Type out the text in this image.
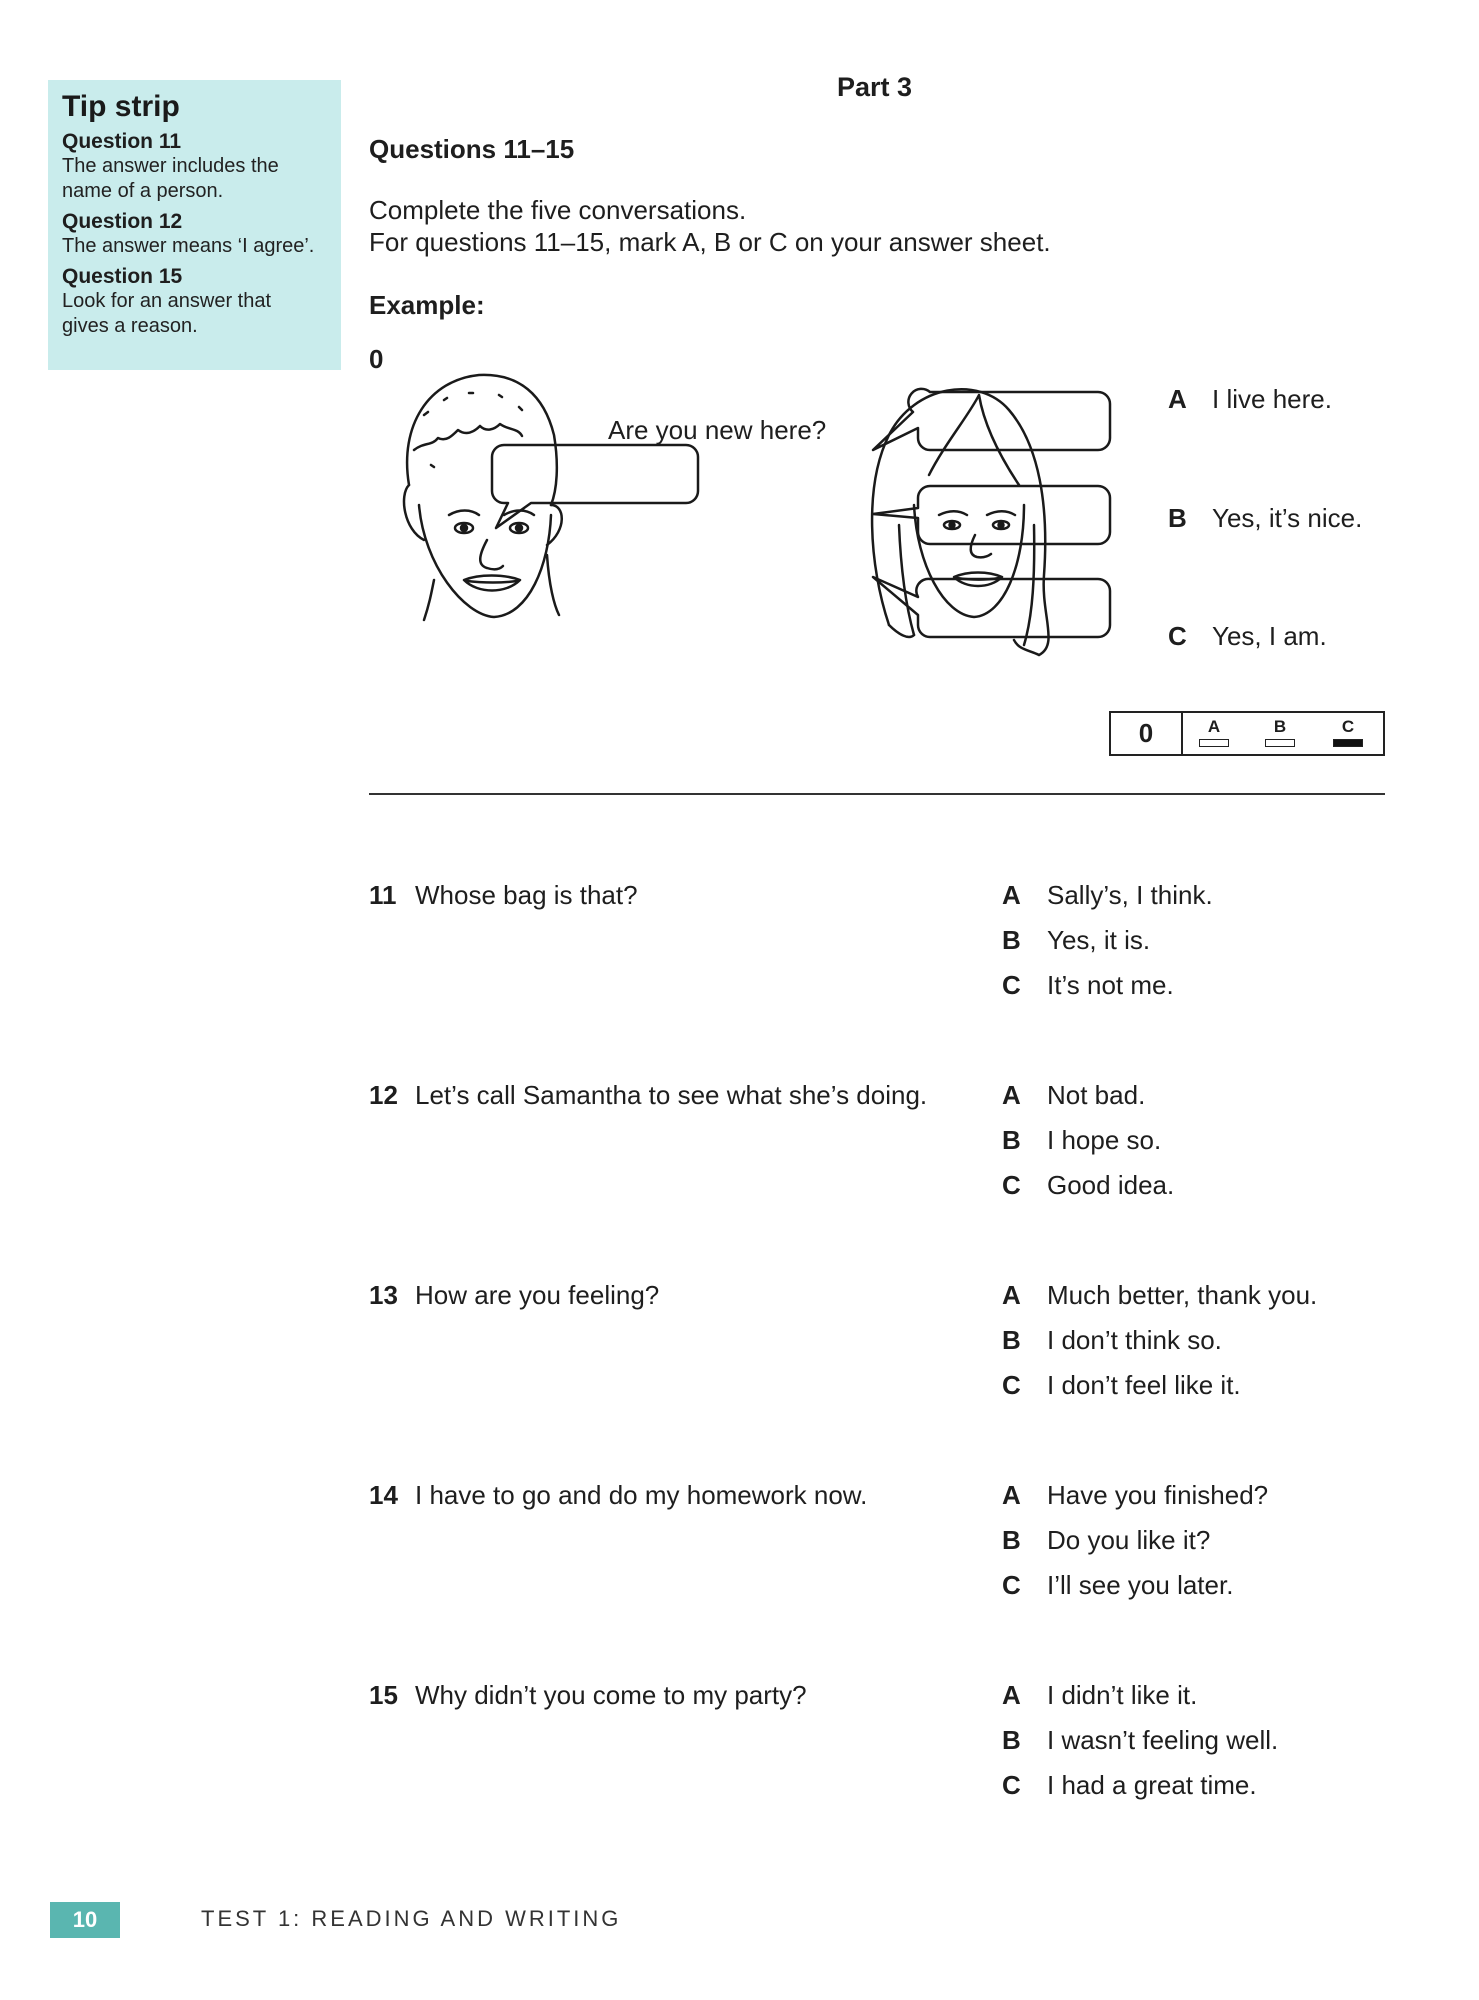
Tip strip
Question 11
The answer includes the
name of a person.
Question 12
The answer means ‘I agree’.
Question 15
Look for an answer that
gives a reason.
Part 3
Questions 11–15
Complete the five conversations.
For questions 11–15, mark A, B or C on your answer sheet.
Example:
0
Are you new here?
A I live here.
B Yes, it’s nice.
C Yes, I am.
0	A	B	C
11 Whose bag is that?	A Sally’s, I think.
B Yes, it is.
C It’s not me.
12 Let’s call Samantha to see what she’s doing.	A Not bad.
B I hope so.
C Good idea.
13 How are you feeling?	A Much better, thank you.
B I don’t think so.
C I don’t feel like it.
14 I have to go and do my homework now.	A Have you finished?
B Do you like it?
C I’ll see you later.
15 Why didn’t you come to my party?	A I didn’t like it.
B I wasn’t feeling well.
C I had a great time.
10	TEST 1: READING AND WRITING
